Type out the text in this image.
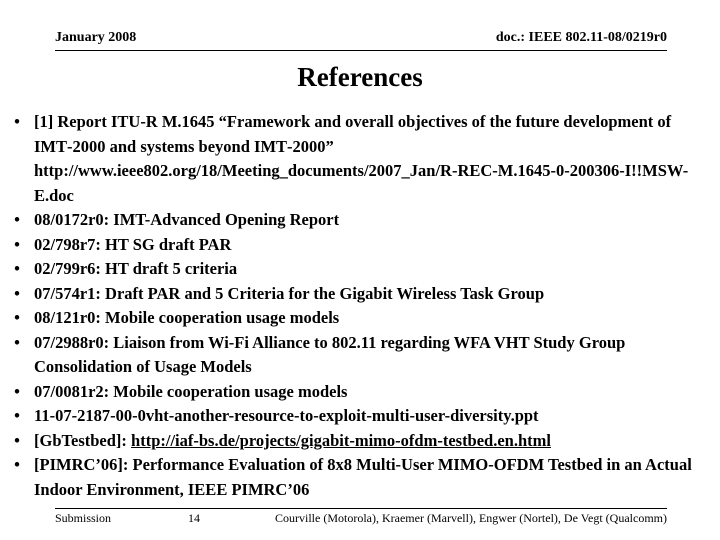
January 2008	doc.: IEEE 802.11-08/0219r0
References
• [1] Report ITU-R M.1645 “Framework and overall objectives of the future development of IMT‐2000 and systems beyond IMT‐2000” http://www.ieee802.org/18/Meeting_documents/2007_Jan/R-REC-M.1645-0-200306-I!!MSW-E.doc
• 08/0172r0: IMT-Advanced Opening Report
• 02/798r7: HT SG draft PAR
• 02/799r6: HT draft 5 criteria
• 07/574r1: Draft PAR and 5 Criteria for the Gigabit Wireless Task Group
• 08/121r0: Mobile cooperation usage models
• 07/2988r0: Liaison from Wi-Fi Alliance to 802.11 regarding WFA VHT Study Group Consolidation of Usage Models
• 07/0081r2: Mobile cooperation usage models
• 11-07-2187-00-0vht-another-resource-to-exploit-multi-user-diversity.ppt
• [GbTestbed]: http://iaf-bs.de/projects/gigabit-mimo-ofdm-testbed.en.html
• [PIMRC’06]: Performance Evaluation of 8x8 Multi-User MIMO-OFDM Testbed in an Actual Indoor Environment, IEEE PIMRC’06
Submission	14	Courville (Motorola), Kraemer (Marvell), Engwer (Nortel), De Vegt (Qualcomm)
